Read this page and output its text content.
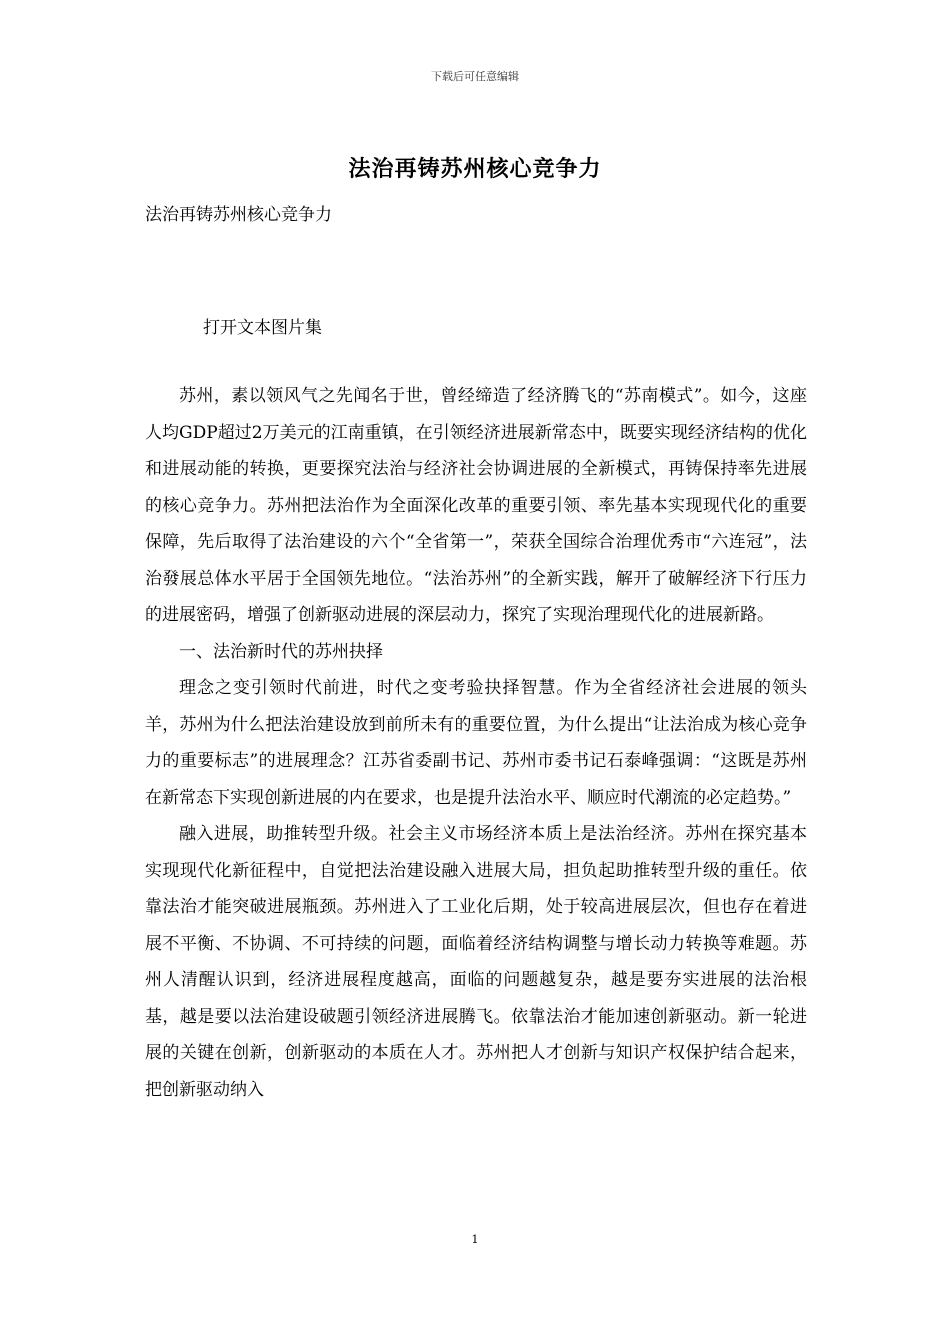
下载后可任意编辑
法治再铸苏州核心竞争力
法治再铸苏州核心竞争力
打开文本图片集

苏州，素以领风气之先闻名于世，曾经缔造了经济腾飞的“苏南模式”。如今，这座人均GDP超过2万美元的江南重镇，在引领经济进展新常态中，既要实现经济结构的优化和进展动能的转换，更要探究法治与经济社会协调进展的全新模式，再铸保持率先进展的核心竞争力。苏州把法治作为全面深化改革的重要引领、率先基本实现现代化的重要保障，先后取得了法治建设的六个“全省第一”，荣获全国综合治理优秀市“六连冠”，法治發展总体水平居于全国领先地位。“法治苏州”的全新实践，解开了破解经济下行压力的进展密码，增强了创新驱动进展的深层动力，探究了实现治理现代化的进展新路。

一、法治新时代的苏州抉择

理念之变引领时代前进，时代之变考验抉择智慧。作为全省经济社会进展的领头羊，苏州为什么把法治建设放到前所未有的重要位置，为什么提出“让法治成为核心竞争力的重要标志”的进展理念？江苏省委副书记、苏州市委书记石泰峰强调：“这既是苏州在新常态下实现创新进展的内在要求，也是提升法治水平、顺应时代潮流的必定趋势。”

融入进展，助推转型升级。社会主义市场经济本质上是法治经济。苏州在探究基本实现现代化新征程中，自觉把法治建设融入进展大局，担负起助推转型升级的重任。依靠法治才能突破进展瓶颈。苏州进入了工业化后期，处于较高进展层次，但也存在着进展不平衡、不协调、不可持续的问题，面临着经济结构调整与增长动力转换等难题。苏州人清醒认识到，经济进展程度越高，面临的问题越复杂，越是要夯实进展的法治根基，越是要以法治建设破题引领经济进展腾飞。依靠法治才能加速创新驱动。新一轮进展的关键在创新，创新驱动的本质在人才。苏州把人才创新与知识产权保护结合起来，把创新驱动纳入

1
